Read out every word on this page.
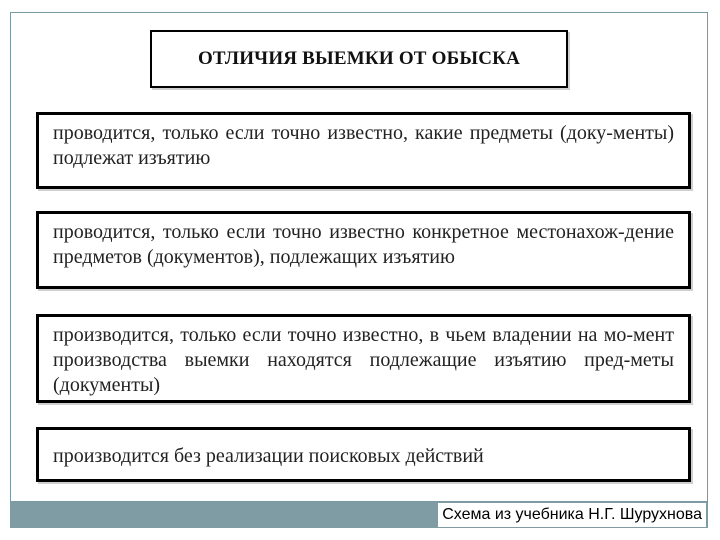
ОТЛИЧИЯ ВЫЕМКИ ОТ ОБЫСКА
проводится, только если точно известно, какие предметы (доку-менты) подлежат изъятию
проводится, только если точно известно конкретное местонахож-дение предметов (документов), подлежащих изъятию
производится, только если точно известно, в чьем владении на мо-мент производства выемки находятся подлежащие изъятию пред-меты (документы)
производится без реализации поисковых действий
Схема из учебника Н.Г. Шурухнова
